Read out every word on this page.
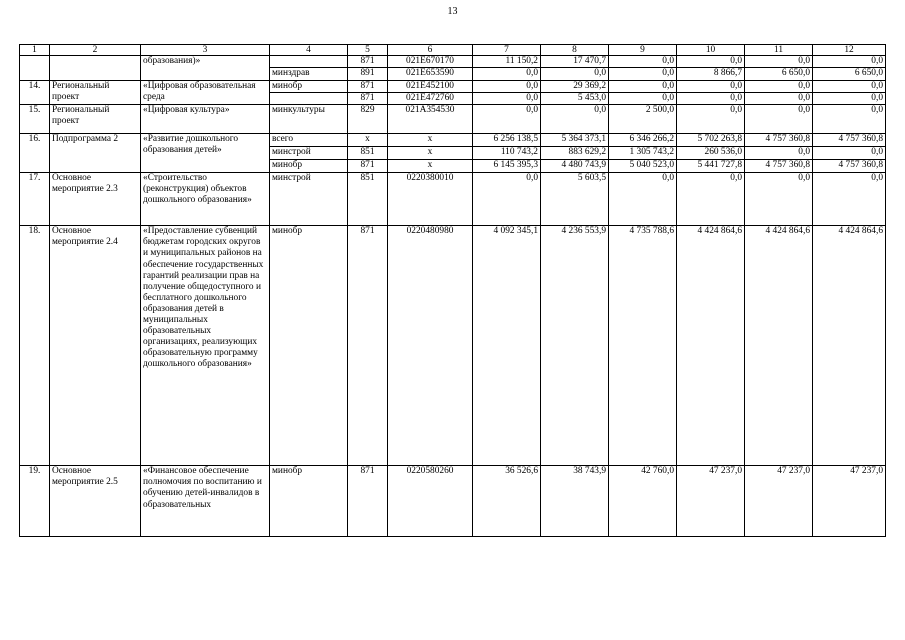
13
1	2	3	4	5	6	7	8	9	10	11	12
		образования)»		871	021E670170	11 150,2	17 470,7	0,0	0,0	0,0	0,0
			минздрав	891	021E653590	0,0	0,0	0,0	8 866,7	6 650,0	6 650,0
14.	Региональный проект	«Цифровая образовательная среда	минобр	871	021E452100	0,0	29 369,2	0,0	0,0	0,0	0,0
				871	021E472760	0,0	5 453,0	0,0	0,0	0,0	0,0
15.	Региональный проект	«Цифровая культура»	минкультуры	829	021А354530	0,0	0,0	2 500,0	0,0	0,0	0,0
16.	Подпрограмма 2	«Развитие дошкольного образования детей»	всего	х	х	6 256 138,5	5 364 373,1	6 346 266,2	5 702 263,8	4 757 360,8	4 757 360,8
			минстрой	851	х	110 743,2	883 629,2	1 305 743,2	260 536,0	0,0	0,0
			минобр	871	х	6 145 395,3	4 480 743,9	5 040 523,0	5 441 727,8	4 757 360,8	4 757 360,8
17.	Основное мероприятие 2.3	«Строительство (реконструкция) объектов дошкольного образования»	минстрой	851	0220380010	0,0	5 603,5	0,0	0,0	0,0	0,0
18.	Основное мероприятие 2.4	«Предоставление субвенций бюджетам городских округов и муниципальных районов на обеспечение государственных гарантий реализации прав на получение общедоступного и бесплатного дошкольного образования детей в муниципальных образовательных организациях, реализующих образовательную программу дошкольного образования»	минобр	871	0220480980	4 092 345,1	4 236 553,9	4 735 788,6	4 424 864,6	4 424 864,6	4 424 864,6
19.	Основное мероприятие 2.5	«Финансовое обеспечение полномочия по воспитанию и обучению детей-инвалидов в образовательных	минобр	871	0220580260	36 526,6	38 743,9	42 760,0	47 237,0	47 237,0	47 237,0
